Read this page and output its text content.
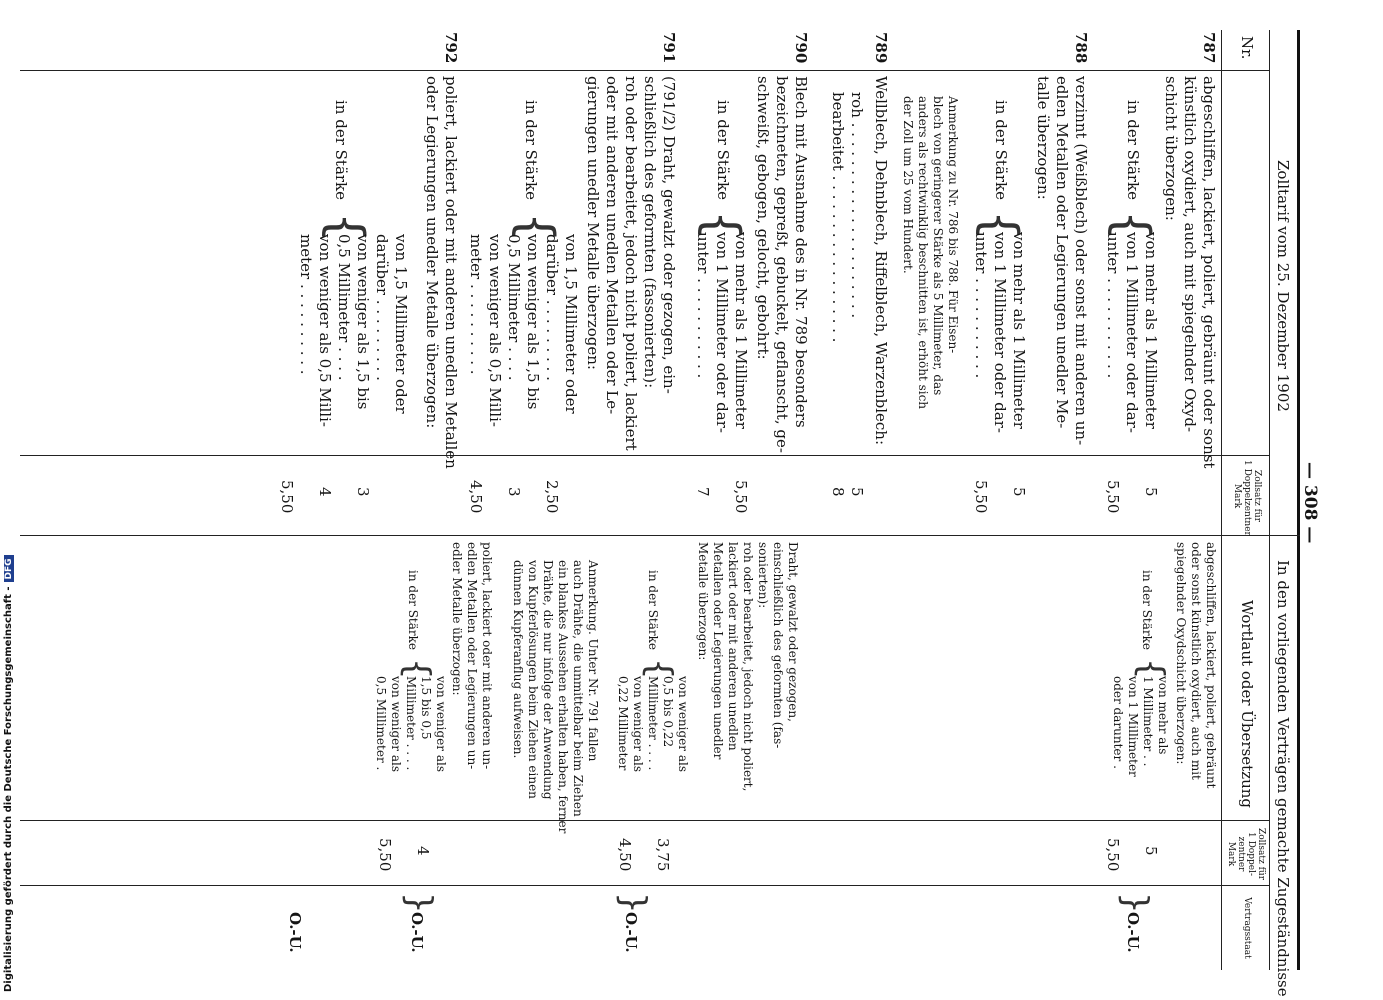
— 308 —
Zolltarif vom 25. Dezember 1902
In den vorliegenden Verträgen gemachte Zugeständnisse
Nr.
Zollsatz für
1 Doppelzentner
Mark
Wortlaut oder Übersetzung
Zollsatz für
1 Doppel-
zentner
Mark
Vertragsstaat
787
abgeschliffen, lackiert, poliert, gebräunt oder sonst
künstlich oxydiert, auch mit spiegelnder Oxyd-
schicht überzogen:
in der Stärke
{
von mehr als 1 Millimeter
von 1 Millimeter oder dar-
unter . . . . . . . . . . .
5
5,50
788
verzinnt (Weißblech) oder sonst mit anderen un-
edlen Metallen oder Legierungen unedler Me-
talle überzogen:
in der Stärke
{
von mehr als 1 Millimeter
von 1 Millimeter oder dar-
unter . . . . . . . . . . .
5
5,50
Anmerkung zu Nr. 786 bis 788. Für Eisen-
blech von geringerer Stärke als 5 Millimeter, das
anders als rechtwinklig beschnitten ist, erhöht sich
der Zoll um 25 vom Hundert.
789
Wellblech, Dehnblech, Riffelblech, Warzenblech:
roh . . . . . . . . . . . . . . . . . . . . .
bearbeitet . . . . . . . . . . . . . . . . . .
5
8
790
Blech mit Ausnahme des in Nr. 789 besonders
bezeichneten, gepreßt, gebuckelt, geflanscht, ge-
schweißt, gebogen, gelocht, gebohrt:
in der Stärke
{
von mehr als 1 Millimeter
von 1 Millimeter oder dar-
unter . . . . . . . . . . .
5,50
7
791
(791/2) Draht, gewalzt oder gezogen, ein-
schließlich des geformten (fassonierten):
roh oder bearbeitet, jedoch nicht poliert, lackiert
oder mit anderen unedlen Metallen oder Le-
gierungen unedler Metalle überzogen:
in der Stärke
{
von 1,5 Millimeter oder
darüber . . . . . . . . .
von weniger als 1,5 bis
0,5 Millimeter . . . .
von weniger als 0,5 Milli-
meter . . . . . . . . . .
2,50
3
4,50
792
poliert, lackiert oder mit anderen unedlen Metallen
oder Legierungen unedler Metalle überzogen:
in der Stärke
{
von 1,5 Millimeter oder
darüber . . . . . . . . .
von weniger als 1,5 bis
0,5 Millimeter . . . .
von weniger als 0,5 Milli-
meter . . . . . . . . . .
3
4
5,50
abgeschliffen, lackiert, poliert, gebräunt
oder sonst künstlich oxydiert, auch mit
spiegelnder Oxydschicht überzogen:
in der Stärke
{
von mehr als
1 Millimeter . .
von 1 Millimeter
oder darunter .
5
5,50
}
O.-U.
Draht, gewalzt oder gezogen,
einschließlich des geformten (fas-
sonierten):
roh oder bearbeitet, jedoch nicht poliert,
lackiert oder mit anderen unedlen
Metallen oder Legierungen unedler
Metalle überzogen:
in der Stärke
{
von weniger als
0,5 bis 0,22
Millimeter . . . .
von weniger als
0,22 Millimeter
3,75
4,50
Anmerkung. Unter Nr. 791 fallen
auch Drähte, die unmittelbar beim Ziehen
ein blankes Aussehen erhalten haben, ferner
Drähte, die nur infolge der Anwendung
von Kupferlösungen beim Ziehen einen
dünnen Kupferanflug aufweisen.
}
O.-U.
poliert, lackiert oder mit anderen un-
edlen Metallen oder Legierungen un-
edler Metalle überzogen:
in der Stärke
{
von weniger als
1,5 bis 0,5
Millimeter . . . .
von weniger als
0,5 Millimeter .
4
5,50
}
O.-U.
O.-U.
Digitalisierung gefördert durch die Deutsche Forschungsgemeinschaft -DFG
